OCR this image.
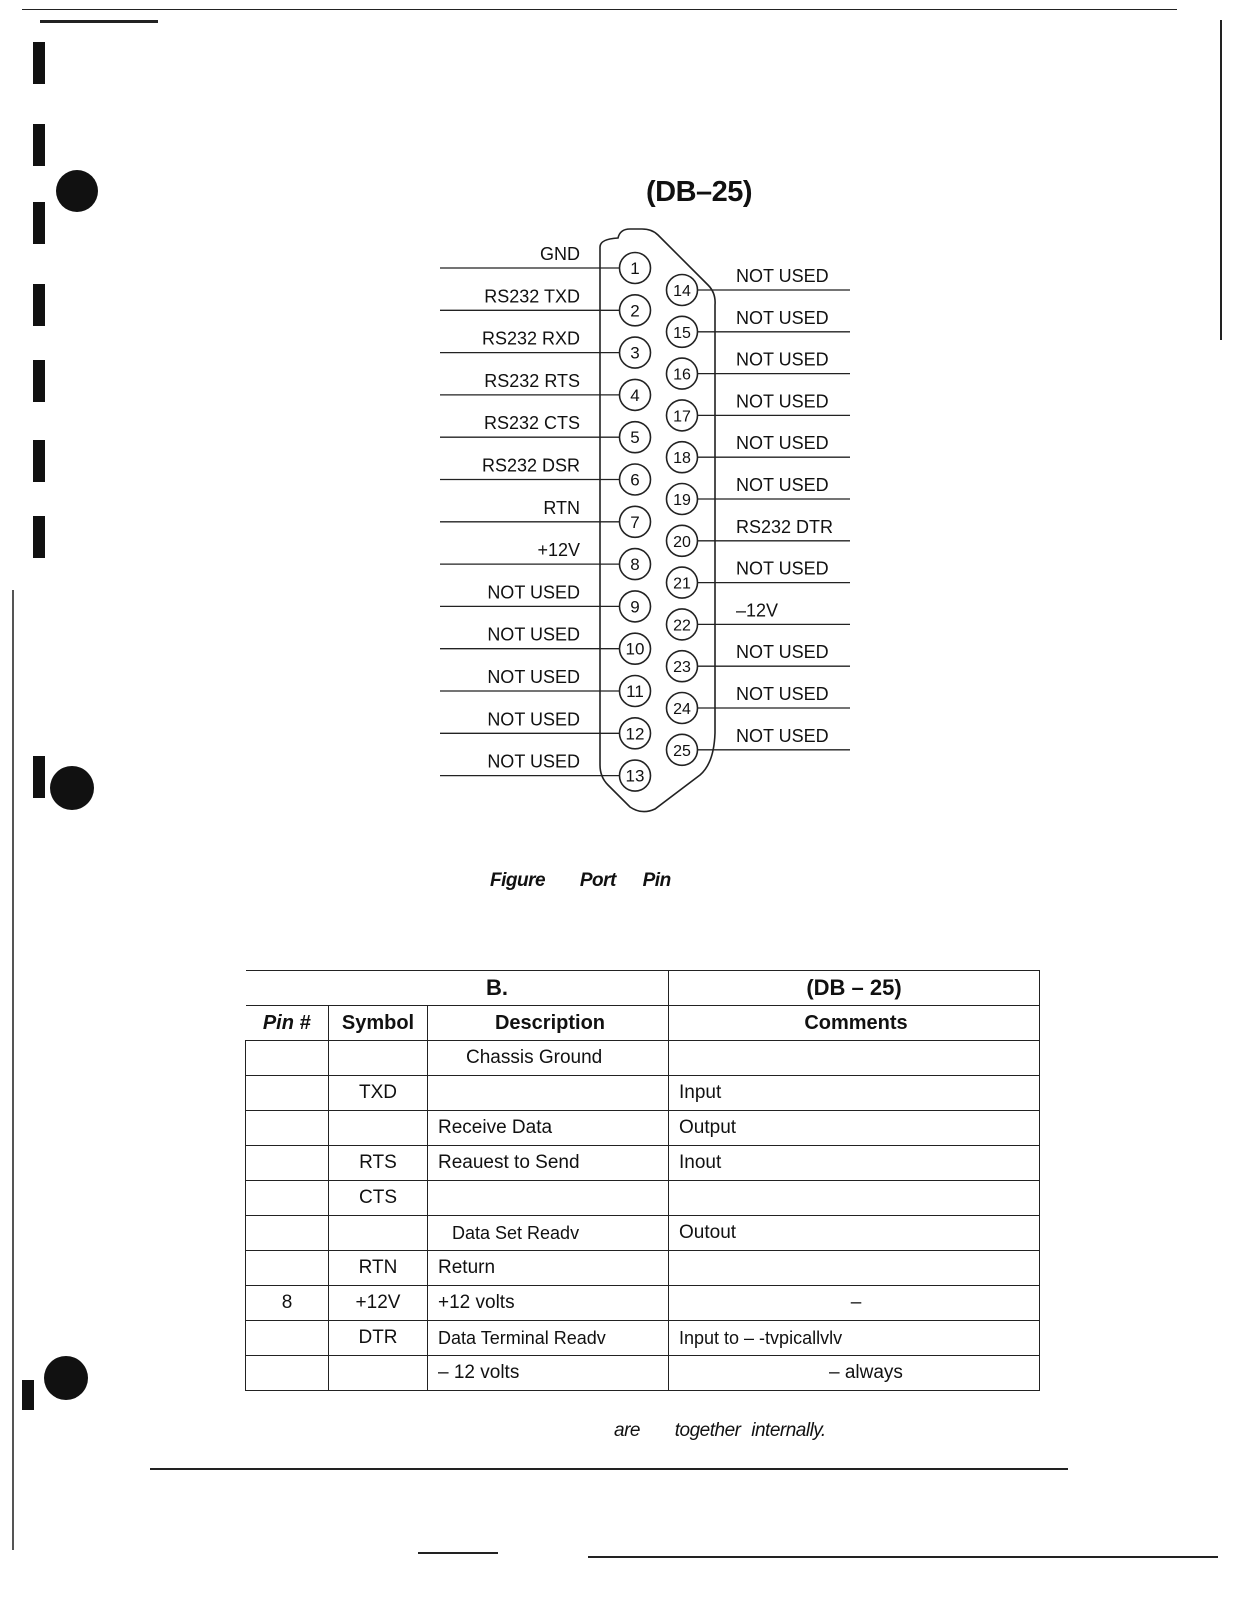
(DB–25)
1
GND
2
RS232 TXD
3
RS232 RXD
4
RS232 RTS
5
RS232 CTS
6
RS232 DSR
7
RTN
8
+12V
9
NOT USED
10
NOT USED
11
NOT USED
12
NOT USED
13
NOT USED
14
NOT USED
15
NOT USED
16
NOT USED
17
NOT USED
18
NOT USED
19
NOT USED
20
RS232 DTR
21
NOT USED
22
–12V
23
NOT USED
24
NOT USED
25
NOT USED
Figure Port Pin
B.			(DB – 25)
Pin #	Symbol	Description	Comments
		Chassis Ground	
	TXD		Input
		Receive Data	Output
	RTS	Reauest to Send	Inout
	CTS		
		Data Set Readv	Outout
	RTN	Return	
8	+12V	+12 volts	–
	DTR	Data Terminal Readv	Input to – -tvpicallvlv
		– 12 volts	– always
are together internally.
